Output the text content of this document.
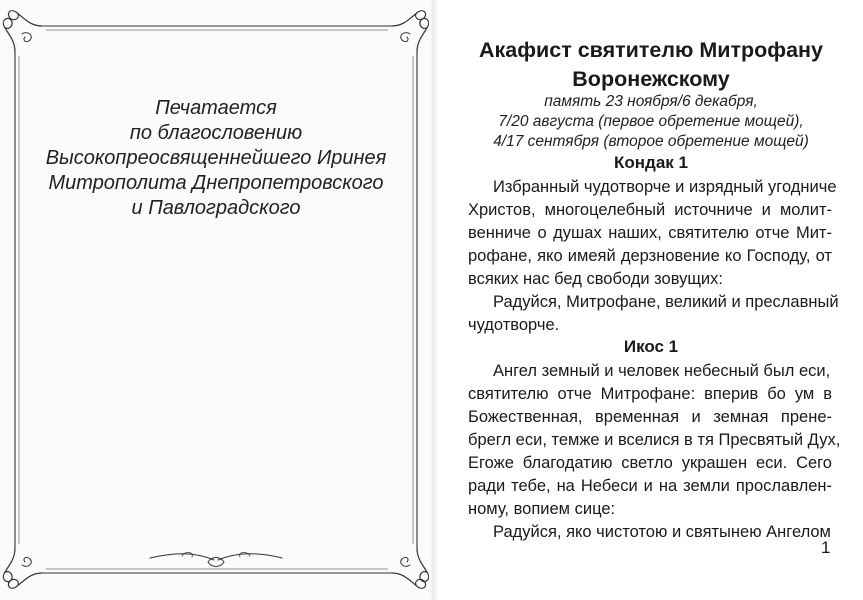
Печатается
по благословению
Высокопреосвященнейшего Иринея
Митрополита Днепропетровского
и Павлоградского
Акафист святителю Митрофану
Воронежскому
память 23 ноября/6 декабря,
7/20 августа (первое обретение мощей),
4/17 сентября (второе обретение мощей)
Кондак 1
Избранный чудотворче и изрядный угодниче
Христов, многоцелебный источниче и молит-
венниче о душах наших, святителю отче Мит-
рофане, яко имеяй дерзновение ко Господу, от
всяких нас бед свободи зовущих:
Радуйся, Митрофане, великий и преславный
чудотворче.
Икос 1
Ангел земный и человек небесный был еси,
святителю отче Митрофане: вперив бо ум в
Божественная, временная и земная прене-
брегл еси, темже и вселися в тя Пресвятый Дух,
Егоже благодатию светло украшен еси. Сего
ради тебе, на Небеси и на земли прославлен-
ному, вопием сице:
Радуйся, яко чистотою и святынею Ангелом
1
